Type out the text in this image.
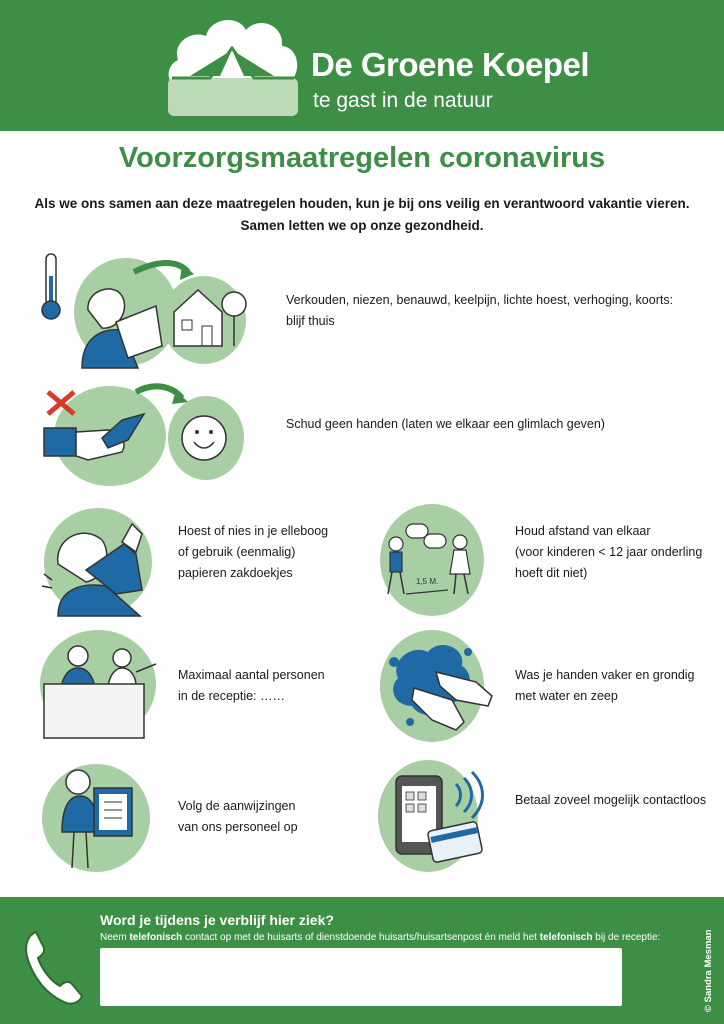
De Groene Koepel
te gast in de natuur
Voorzorgsmaatregelen coronavirus
Als we ons samen aan deze maatregelen houden, kun je bij ons veilig en verantwoord vakantie vieren.
Samen letten we op onze gezondheid.
Verkouden, niezen, benauwd, keelpijn, lichte hoest, verhoging, koorts:
blijf thuis
Schud geen handen (laten we elkaar een glimlach geven)
Hoest of nies in je elleboog
of gebruik (eenmalig)
papieren zakdoekjes
1,5 M.
Houd afstand van elkaar
(voor kinderen < 12 jaar onderling
hoeft dit niet)
Maximaal aantal personen
in de receptie: ……
Was je handen vaker en grondig
met water en zeep
Volg de aanwijzingen
van ons personeel op
Betaal zoveel mogelijk contactloos
Word je tijdens je verblijf hier ziek?
Neem telefonisch contact op met de huisarts of dienstdoende huisarts/huisartsenpost én meld het telefonisch bij de receptie:	© Sandra Mesman
